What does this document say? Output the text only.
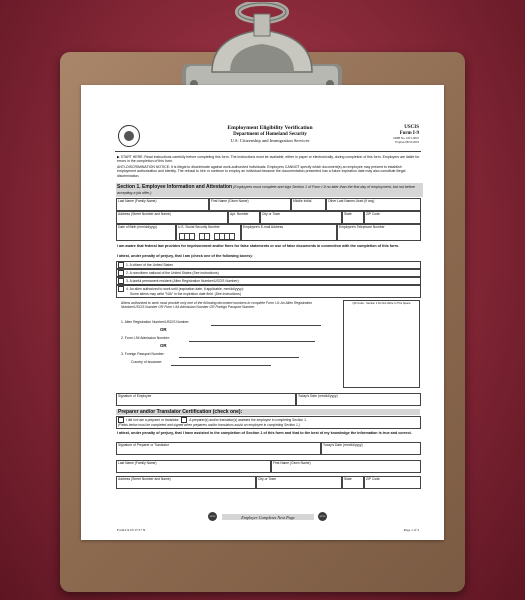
Employment Eligibility Verification
Department of Homeland Security
U.S. Citizenship and Immigration Services
USCIS
Form I-9
OMB No. 1615-0047
Expires 08/31/2019
▶ START HERE: Read instructions carefully before completing this form. The instructions must be available, either in paper or electronically, during completion of this form. Employers are liable for errors in the completion of this form.
ANTI-DISCRIMINATION NOTICE: It is illegal to discriminate against work-authorized individuals. Employers CANNOT specify which document(s) an employee may present to establish employment authorization and identity. The refusal to hire or continue to employ an individual because the documentation presented has a future expiration date may also constitute illegal discrimination.
Section 1. Employee Information and Attestation (Employees must complete and sign Section 1 of Form I-9 no later than the first day of employment, but not before accepting a job offer.)
Last Name (Family Name)	First Name (Given Name)	Middle Initial	Other Last Names Used (if any)
Address (Street Number and Name)	Apt. Number	City or Town	State	ZIP Code
Date of Birth (mm/dd/yyyy)	U.S. Social Security Number
-	-
Employee's E-mail Address	Employee's Telephone Number
I am aware that federal law provides for imprisonment and/or fines for false statements or use of false documents in connection with the completion of this form.
I attest, under penalty of perjury, that I am (check one of the following boxes):
1. A citizen of the United States
2. A noncitizen national of the United States (See instructions)
3. A lawful permanent resident (Alien Registration Number/USCIS Number):
4. An alien authorized to work until (expiration date, if applicable, mm/dd/yyyy):
Some aliens may write "N/A" in the expiration date field. (See instructions)
Aliens authorized to work must provide only one of the following document numbers to complete Form I-9: An Alien Registration Number/USCIS Number OR Form I-94 Admission Number OR Foreign Passport Number.
QR Code - Section 1 Do Not Write In This Space
1. Alien Registration Number/USCIS Number:
OR
2. Form I-94 Admission Number:
OR
3. Foreign Passport Number:
Country of Issuance:
Signature of Employee	Today's Date (mm/dd/yyyy)
Preparer and/or Translator Certification (check one):
I did not use a preparer or translator.	A preparer(s) and/or translator(s) assisted the employee in completing Section 1.
(Fields below must be completed and signed when preparers and/or translators assist an employee in completing Section 1.)
I attest, under penalty of perjury, that I have assisted in the completion of Section 1 of this form and that to the best of my knowledge the information is true and correct.
Signature of Preparer or Translator	Today's Date (mm/dd/yyyy)
Last Name (Family Name)	First Name (Given Name)
Address (Street Number and Name)	City or Town	State	ZIP Code
STOP	Employer Completes Next Page	STOP
Form I-9 07/17/17 N	Page 1 of 3
